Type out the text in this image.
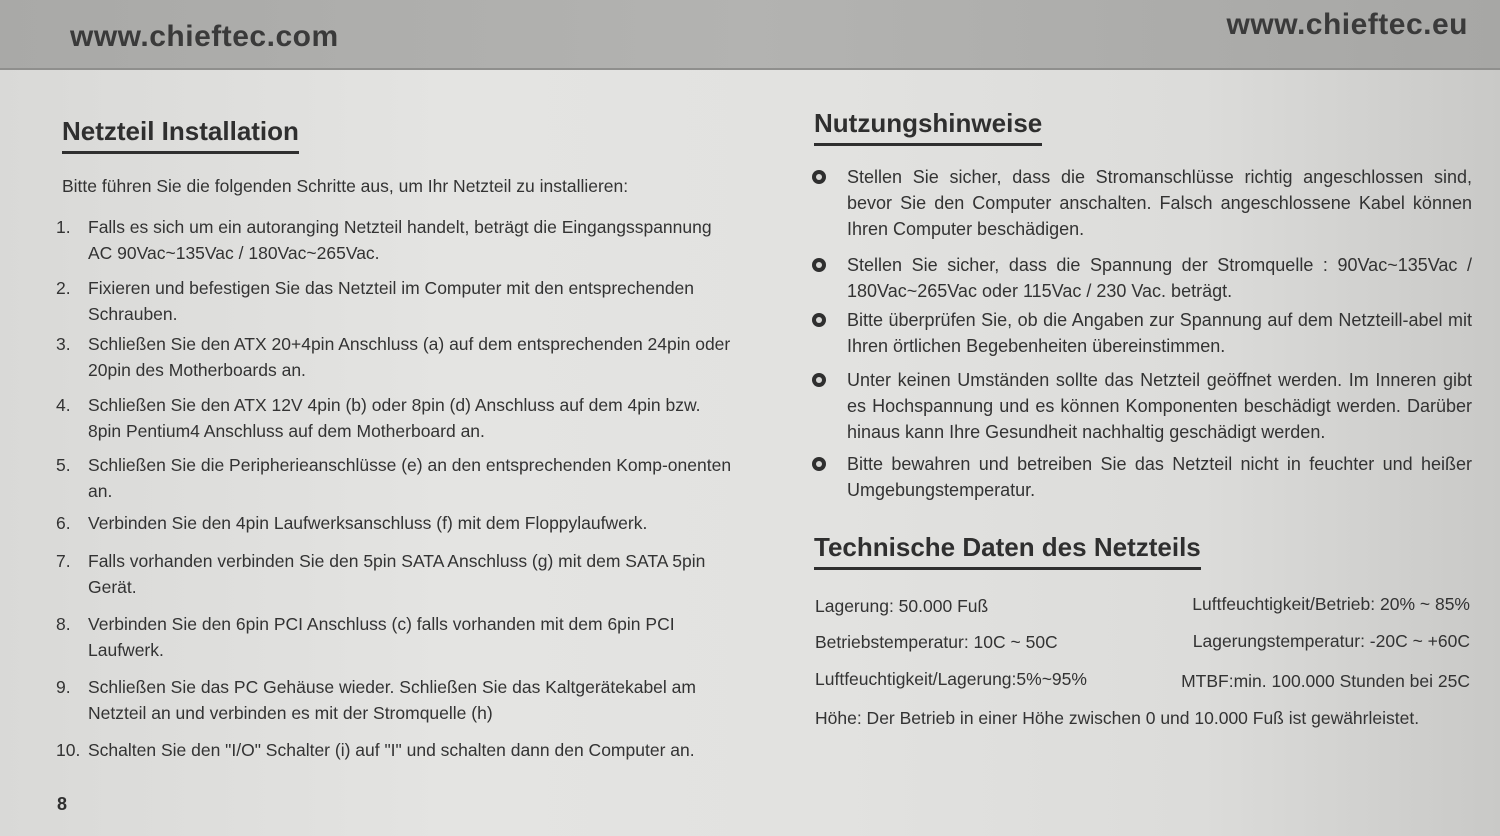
www.chieftec.com	www.chieftec.eu
Netzteil Installation
Bitte führen Sie die folgenden Schritte aus, um Ihr Netzteil zu installieren:
1. Falls es sich um ein autoranging Netzteil handelt, beträgt die Eingangsspannung AC 90Vac~135Vac / 180Vac~265Vac.
2. Fixieren und befestigen Sie das Netzteil im Computer mit den entsprechenden Schrauben.
3. Schließen Sie den ATX 20+4pin Anschluss (a) auf dem entsprechenden 24pin oder 20pin des Motherboards an.
4. Schließen Sie den ATX 12V 4pin (b) oder 8pin (d) Anschluss auf dem 4pin bzw. 8pin Pentium4 Anschluss auf dem Motherboard an.
5. Schließen Sie die Peripherieanschlüsse (e) an den entsprechenden Komp-onenten an.
6. Verbinden Sie den 4pin Laufwerksanschluss (f) mit dem Floppylaufwerk.
7. Falls vorhanden verbinden Sie den 5pin SATA Anschluss (g) mit dem SATA 5pin Gerät.
8. Verbinden Sie den 6pin PCI Anschluss (c) falls vorhanden mit dem 6pin PCI Laufwerk.
9. Schließen Sie das PC Gehäuse wieder. Schließen Sie das Kaltgerätekabel am Netzteil an und verbinden es mit der Stromquelle (h)
10. Schalten Sie den "I/O" Schalter (i) auf "I" und schalten dann den Computer an.
8
Nutzungshinweise
Stellen Sie sicher, dass die Stromanschlüsse richtig angeschlossen sind, bevor Sie den Computer anschalten. Falsch angeschlossene Kabel können Ihren Computer beschädigen.
Stellen Sie sicher, dass die Spannung der Stromquelle : 90Vac~135Vac / 180Vac~265Vac oder 115Vac / 230 Vac. beträgt.
Bitte überprüfen Sie, ob die Angaben zur Spannung auf dem Netzteill-abel mit Ihren örtlichen Begebenheiten übereinstimmen.
Unter keinen Umständen sollte das Netzteil geöffnet werden. Im Inneren gibt es Hochspannung und es können Komponenten beschädigt werden. Darüber hinaus kann Ihre Gesundheit nachhaltig geschädigt werden.
Bitte bewahren und betreiben Sie das Netzteil nicht in feuchter und heißer Umgebungstemperatur.
Technische Daten des Netzteils
Lagerung: 50.000 Fuß	Luftfeuchtigkeit/Betrieb: 20% ~ 85%
Betriebstemperatur: 10C ~ 50C	Lagerungstemperatur: -20C ~ +60C
Luftfeuchtigkeit/Lagerung:5%~95%	MTBF:min. 100.000 Stunden bei 25C
Höhe: Der Betrieb in einer Höhe zwischen 0 und 10.000 Fuß ist gewährleistet.
